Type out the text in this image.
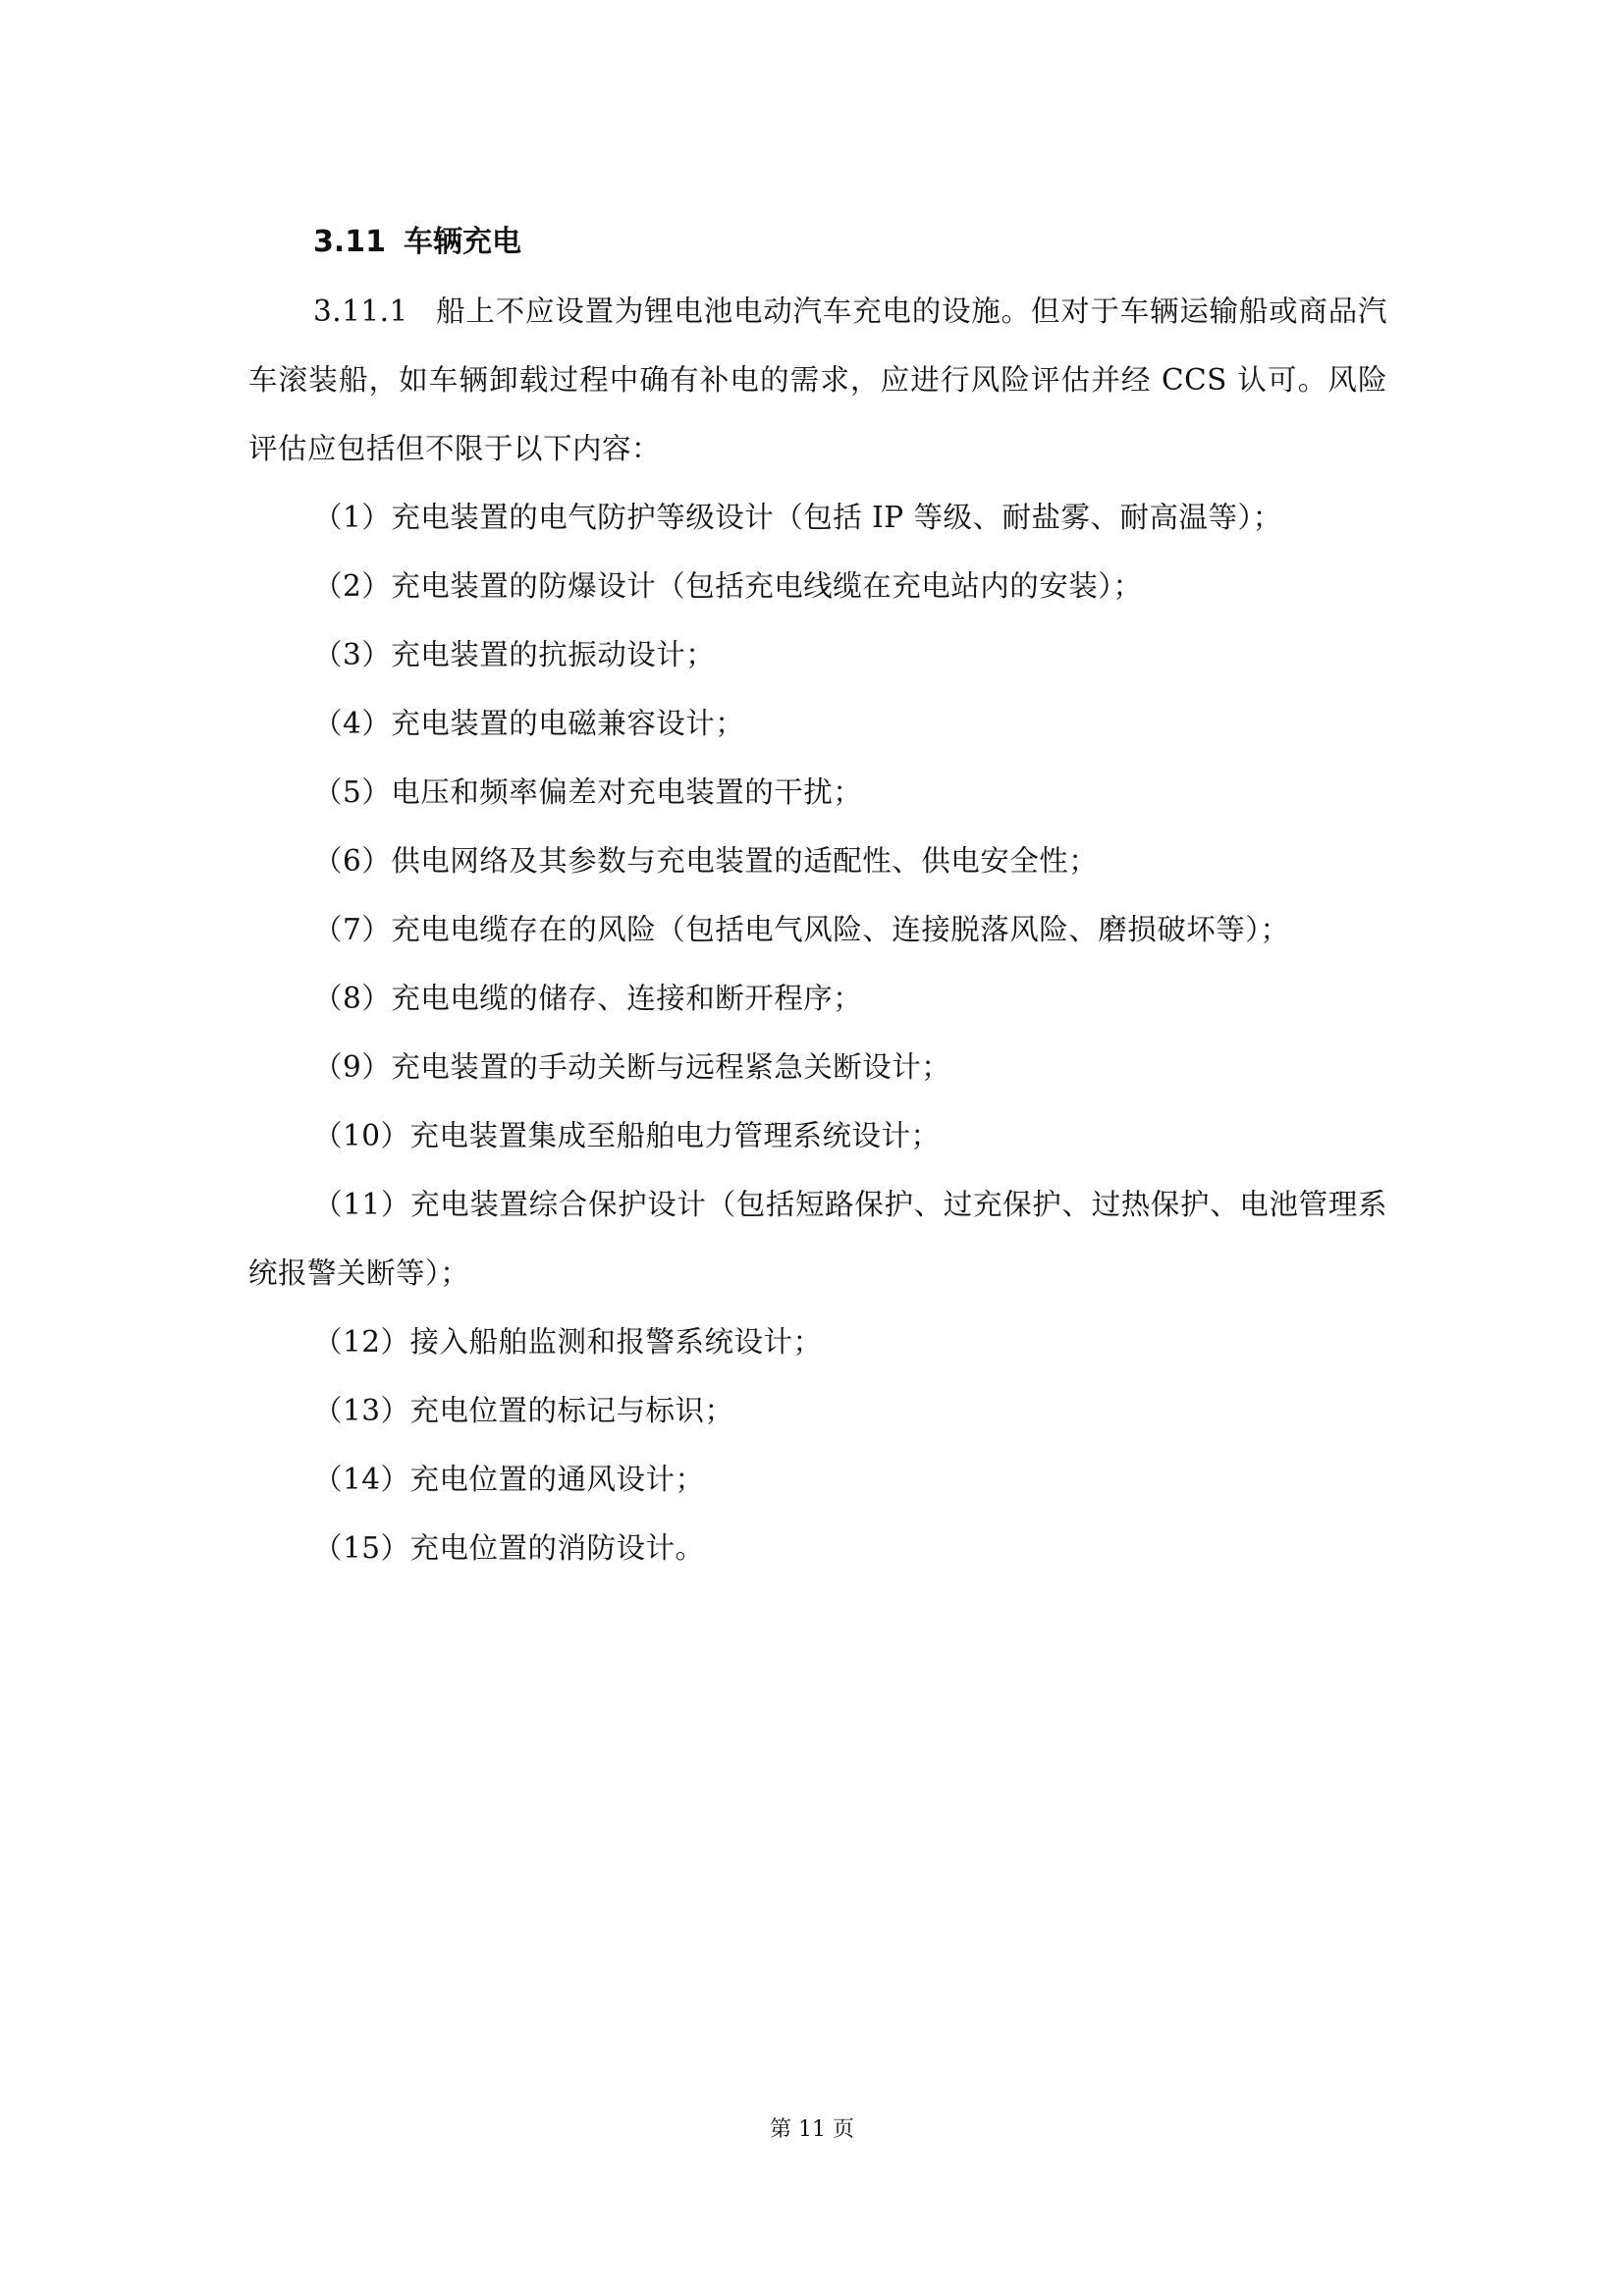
3.11 车辆充电

3.11.1 船上不应设置为锂电池电动汽车充电的设施。但对于车辆运输船或商品汽车滚装船，如车辆卸载过程中确有补电的需求，应进行风险评估并经 CCS 认可。风险评估应包括但不限于以下内容：

（1）充电装置的电气防护等级设计（包括 IP 等级、耐盐雾、耐高温等）；
（2）充电装置的防爆设计（包括充电线缆在充电站内的安装）；
（3）充电装置的抗振动设计；
（4）充电装置的电磁兼容设计；
（5）电压和频率偏差对充电装置的干扰；
（6）供电网络及其参数与充电装置的适配性、供电安全性；
（7）充电电缆存在的风险（包括电气风险、连接脱落风险、磨损破坏等）；
（8）充电电缆的储存、连接和断开程序；
（9）充电装置的手动关断与远程紧急关断设计；
（10）充电装置集成至船舶电力管理系统设计；
（11）充电装置综合保护设计（包括短路保护、过充保护、过热保护、电池管理系统报警关断等）；
（12）接入船舶监测和报警系统设计；
（13）充电位置的标记与标识；
（14）充电位置的通风设计；
（15）充电位置的消防设计。
第 11 页
